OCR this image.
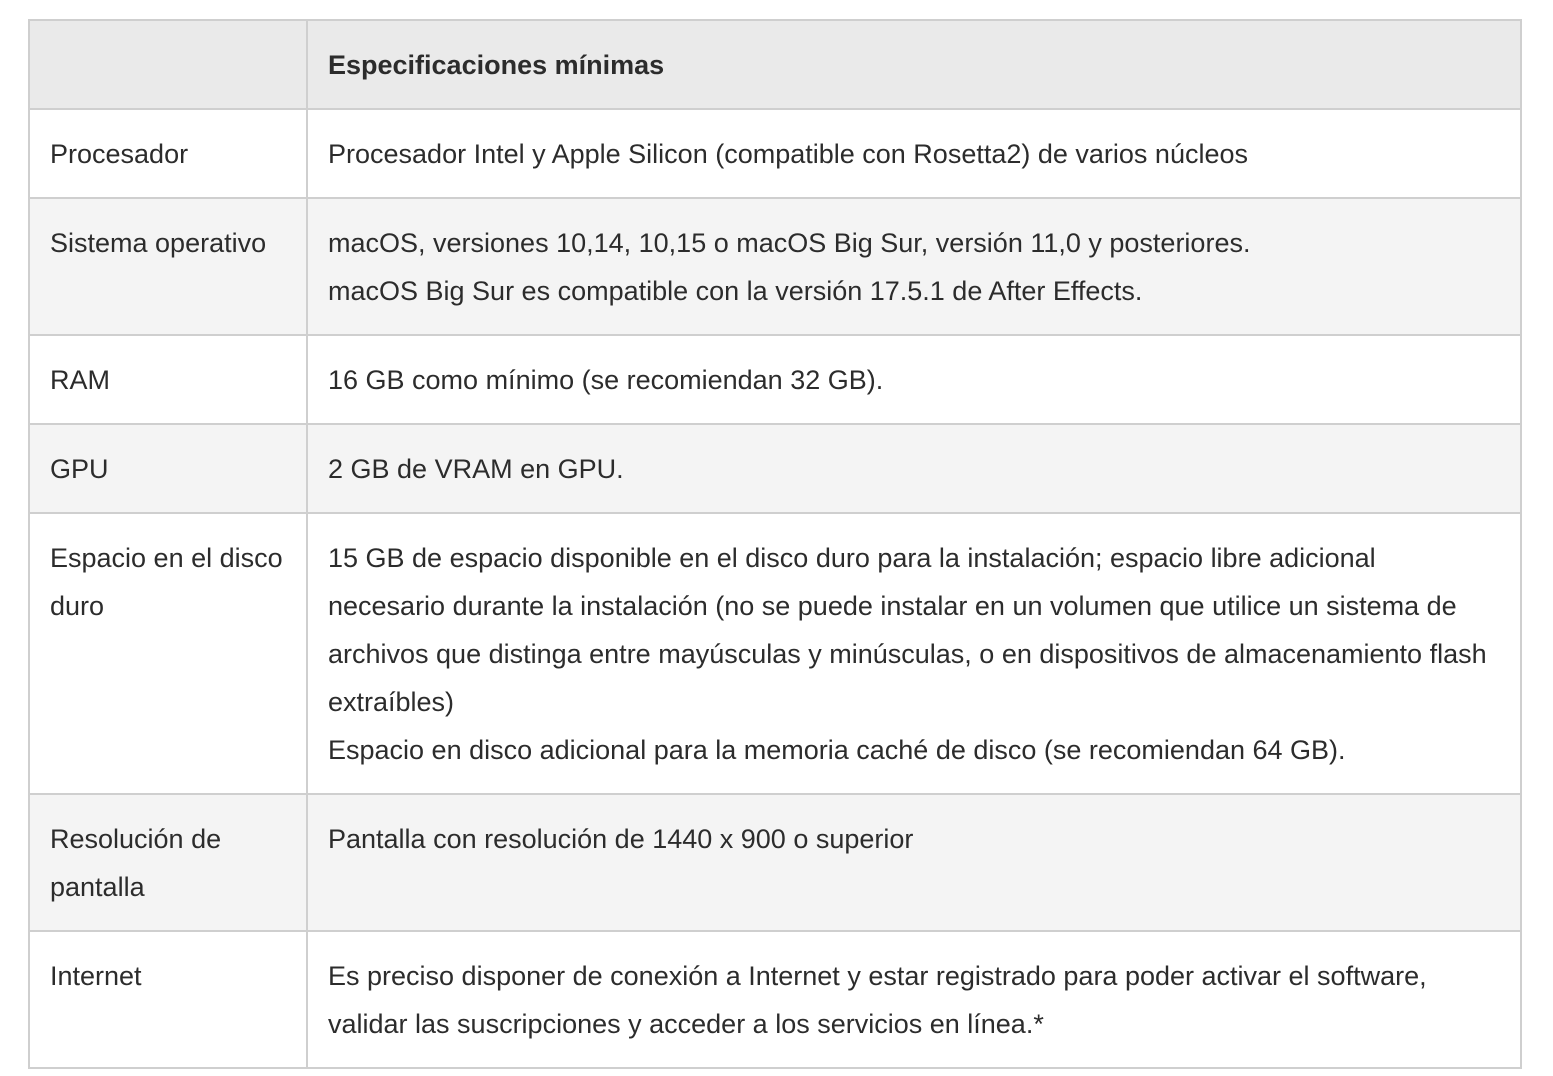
	Especificaciones mínimas
Procesador	Procesador Intel y Apple Silicon (compatible con Rosetta2) de varios núcleos

Sistema operativo	macOS, versiones 10,14, 10,15 o macOS Big Sur, versión 11,0 y posteriores.
macOS Big Sur es compatible con la versión 17.5.1 de After Effects.

RAM	16 GB como mínimo (se recomiendan 32 GB).

GPU	2 GB de VRAM en GPU.

Espacio en el disco duro	15 GB de espacio disponible en el disco duro para la instalación; espacio libre adicional necesario durante la instalación (no se puede instalar en un volumen que utilice un sistema de archivos que distinga entre mayúsculas y minúsculas, o en dispositivos de almacenamiento flash extraíbles)
Espacio en disco adicional para la memoria caché de disco (se recomiendan 64 GB).

Resolución de pantalla	Pantalla con resolución de 1440 x 900 o superior

Internet	Es preciso disponer de conexión a Internet y estar registrado para poder activar el software, validar las suscripciones y acceder a los servicios en línea.*
